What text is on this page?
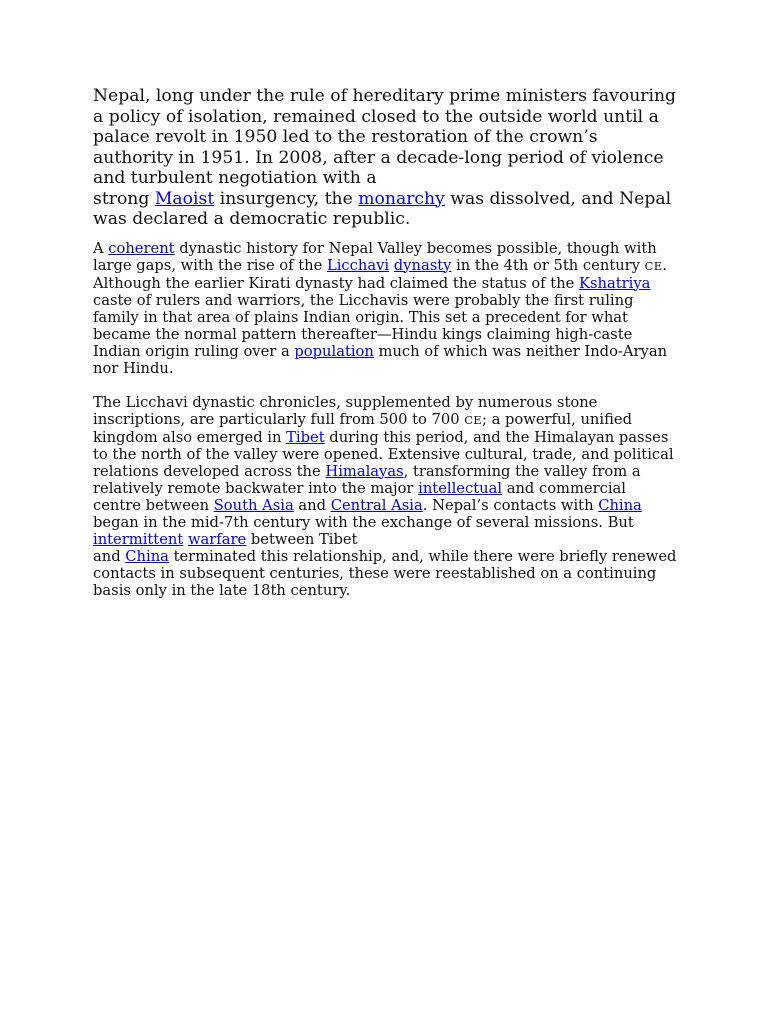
Nepal, long under the rule of hereditary prime ministers favouring a policy of isolation, remained closed to the outside world until a palace revolt in 1950 led to the restoration of the crown’s authority in 1951. In 2008, after a decade-long period of violence and turbulent negotiation with a
strong Maoist insurgency, the monarchy was dissolved, and Nepal was declared a democratic republic.

A coherent dynastic history for Nepal Valley becomes possible, though with large gaps, with the rise of the Licchavi dynasty in the 4th or 5th century CE. Although the earlier Kirati dynasty had claimed the status of the Kshatriya caste of rulers and warriors, the Licchavis were probably the first ruling family in that area of plains Indian origin. This set a precedent for what became the normal pattern thereafter—Hindu kings claiming high-caste Indian origin ruling over a population much of which was neither Indo-Aryan nor Hindu.

The Licchavi dynastic chronicles, supplemented by numerous stone inscriptions, are particularly full from 500 to 700 CE; a powerful, unified kingdom also emerged in Tibet during this period, and the Himalayan passes to the north of the valley were opened. Extensive cultural, trade, and political relations developed across the Himalayas, transforming the valley from a relatively remote backwater into the major intellectual and commercial centre between South Asia and Central Asia. Nepal’s contacts with China began in the mid-7th century with the exchange of several missions. But intermittent warfare between Tibet
and China terminated this relationship, and, while there were briefly renewed contacts in subsequent centuries, these were reestablished on a continuing basis only in the late 18th century.
